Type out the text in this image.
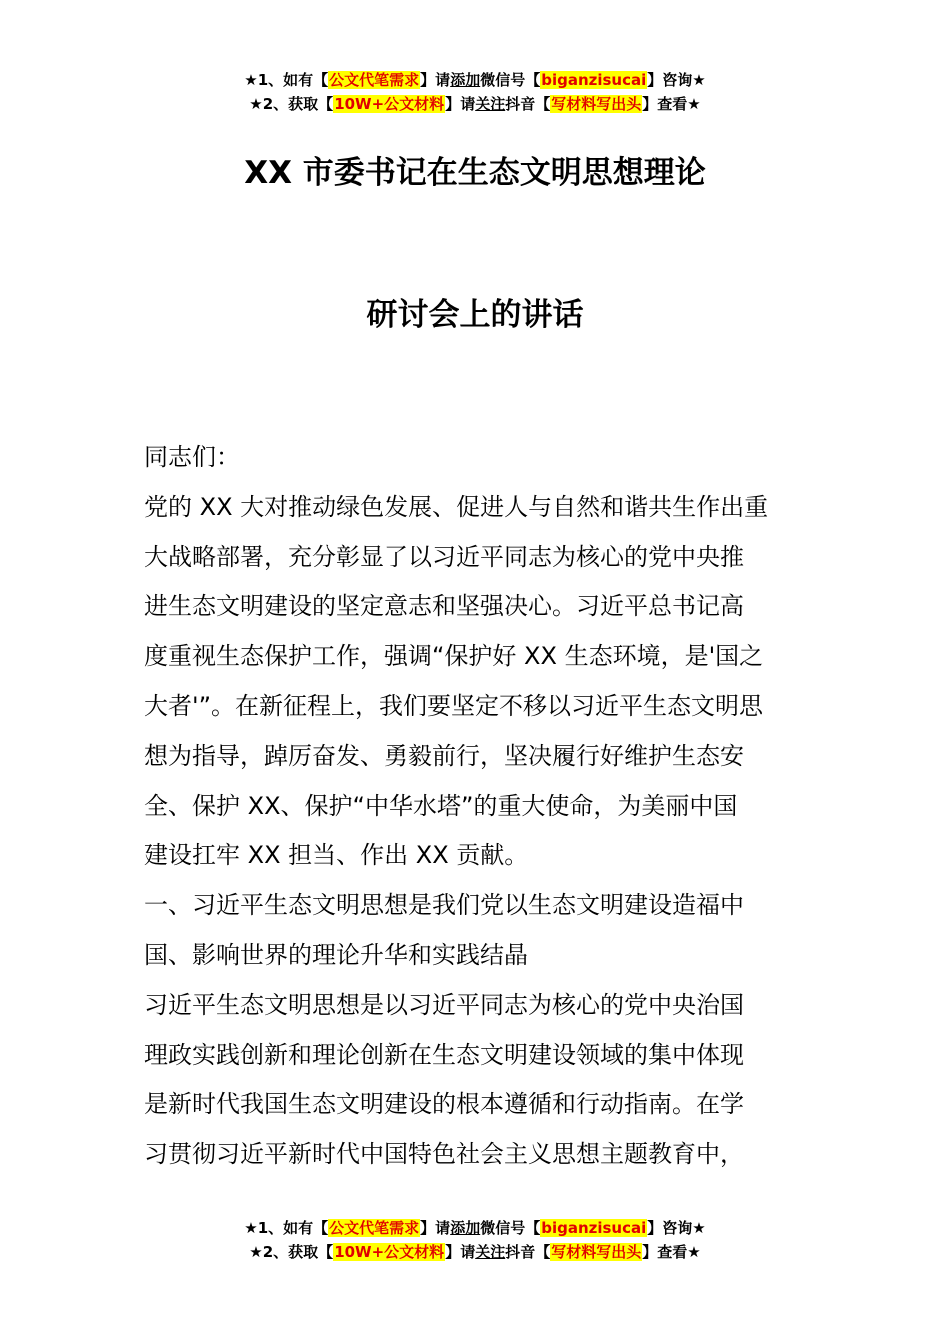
★1、如有【公文代笔需求】请添加微信号【biganzisucai】咨询★
★2、获取【10W+公文材料】请关注抖音【写材料写出头】查看★
XX 市委书记在生态文明思想理论
研讨会上的讲话

同志们：

党的 XX 大对推动绿色发展、促进人与自然和谐共生作出重

大战略部署，充分彰显了以习近平同志为核心的党中央推

进生态文明建设的坚定意志和坚强决心。习近平总书记高

度重视生态保护工作，强调“保护好 XX 生态环境，是'国之

大者'”。在新征程上，我们要坚定不移以习近平生态文明思

想为指导，踔厉奋发、勇毅前行，坚决履行好维护生态安

全、保护 XX、保护“中华水塔”的重大使命，为美丽中国

建设扛牢 XX 担当、作出 XX 贡献。

一、习近平生态文明思想是我们党以生态文明建设造福中

国、影响世界的理论升华和实践结晶

习近平生态文明思想是以习近平同志为核心的党中央治国

理政实践创新和理论创新在生态文明建设领域的集中体现

是新时代我国生态文明建设的根本遵循和行动指南。在学

习贯彻习近平新时代中国特色社会主义思想主题教育中，

★1、如有【公文代笔需求】请添加微信号【biganzisucai】咨询★
★2、获取【10W+公文材料】请关注抖音【写材料写出头】查看★
